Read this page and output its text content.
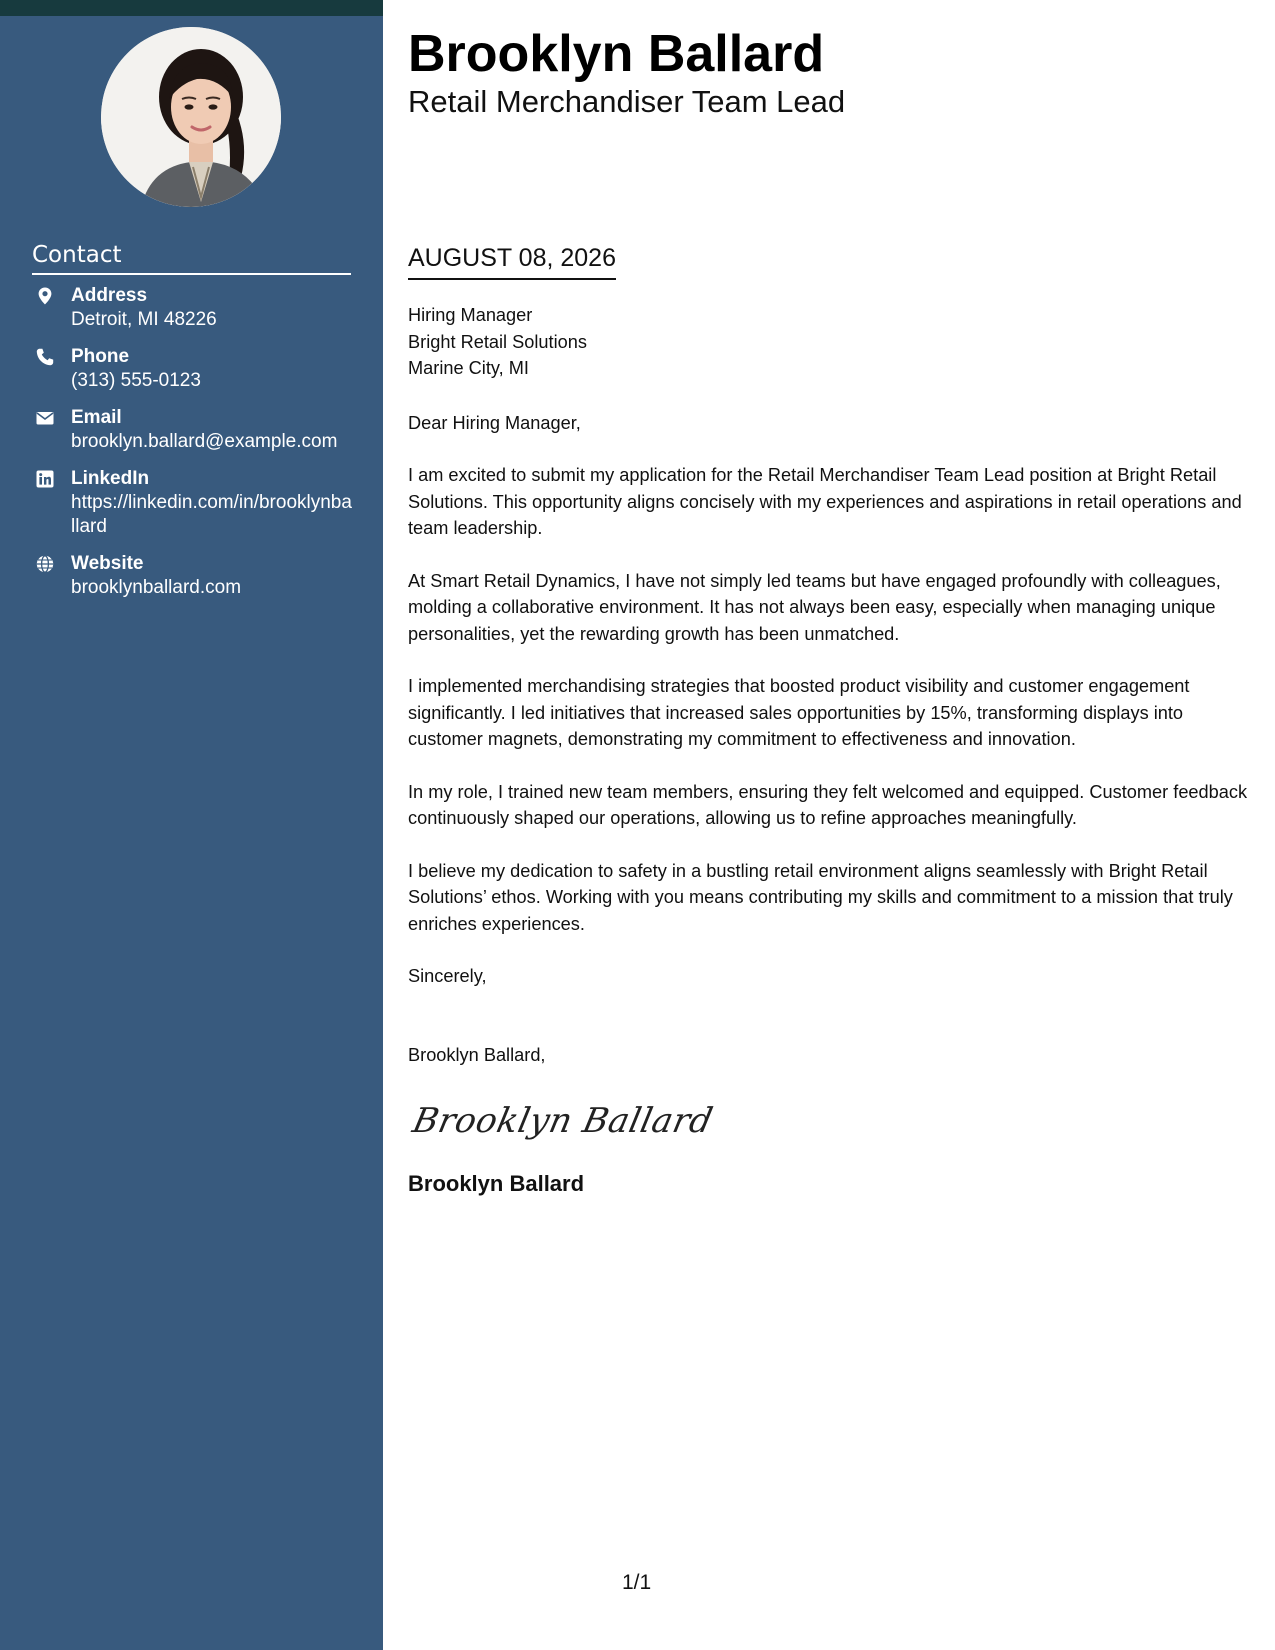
Contact
Address
Detroit, MI 48226
Phone
(313) 555-0123
Email
brooklyn.ballard@example.com
LinkedIn
https://linkedin.com/in/brooklynballard
Website
brooklynballard.com
Brooklyn Ballard
Retail Merchandiser Team Lead
AUGUST 08, 2026

Hiring Manager

Bright Retail Solutions

Marine City, MI

Dear Hiring Manager,

I am excited to submit my application for the Retail Merchandiser Team Lead position at Bright Retail Solutions. This opportunity aligns concisely with my experiences and aspirations in retail operations and team leadership.

At Smart Retail Dynamics, I have not simply led teams but have engaged profoundly with colleagues, molding a collaborative environment. It has not always been easy, especially when managing unique personalities, yet the rewarding growth has been unmatched.

I implemented merchandising strategies that boosted product visibility and customer engagement significantly. I led initiatives that increased sales opportunities by 15%, transforming displays into customer magnets, demonstrating my commitment to effectiveness and innovation.

In my role, I trained new team members, ensuring they felt welcomed and equipped. Customer feedback continuously shaped our operations, allowing us to refine approaches meaningfully.

I believe my dedication to safety in a bustling retail environment aligns seamlessly with Bright Retail Solutions’ ethos. Working with you means contributing my skills and commitment to a mission that truly enriches experiences.

Sincerely,

Brooklyn Ballard,

Brooklyn Ballard

Brooklyn Ballard

1/1
